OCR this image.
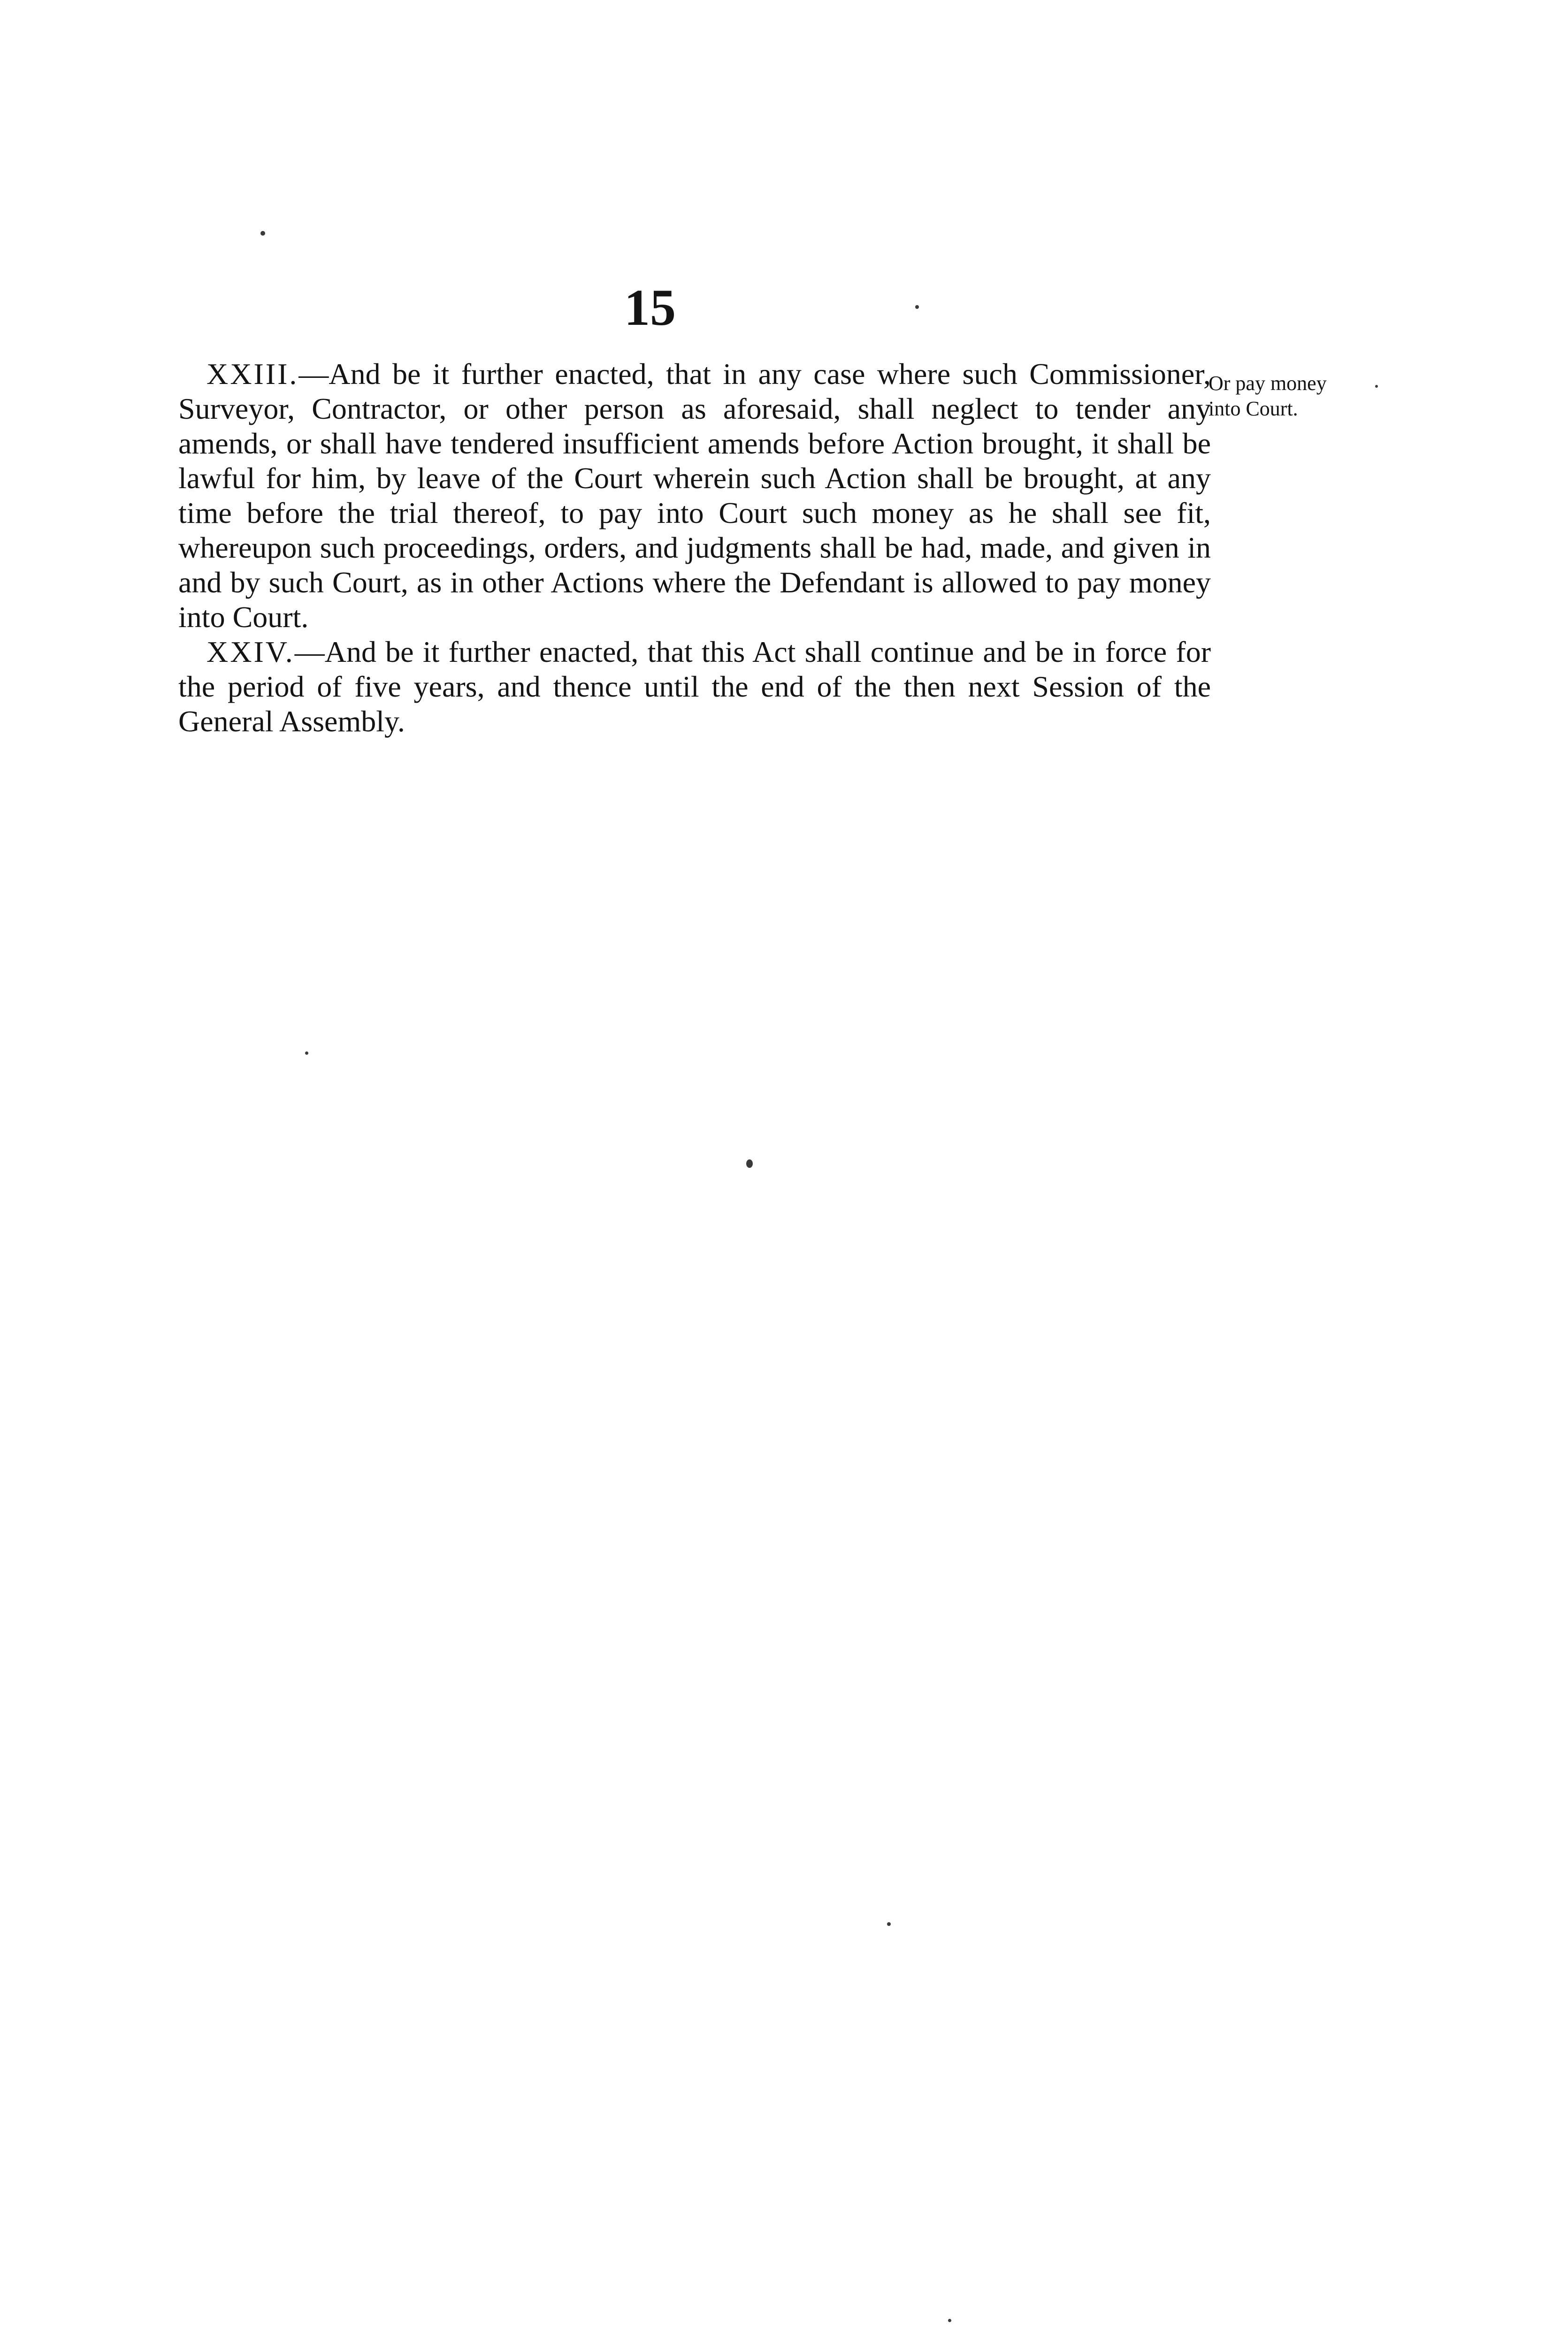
15
Or pay money into Court.

XXIII.—And be it further enacted, that in any case where such Commissioner, Surveyor, Contractor, or other person as aforesaid, shall neglect to tender any amends, or shall have tendered insufficient amends before Action brought, it shall be lawful for him, by leave of the Court wherein such Action shall be brought, at any time before the trial thereof, to pay into Court such money as he shall see fit, whereupon such proceedings, orders, and judgments shall be had, made, and given in and by such Court, as in other Actions where the Defendant is allowed to pay money into Court.

XXIV.—And be it further enacted, that this Act shall continue and be in force for the period of five years, and thence until the end of the then next Session of the General Assembly.
